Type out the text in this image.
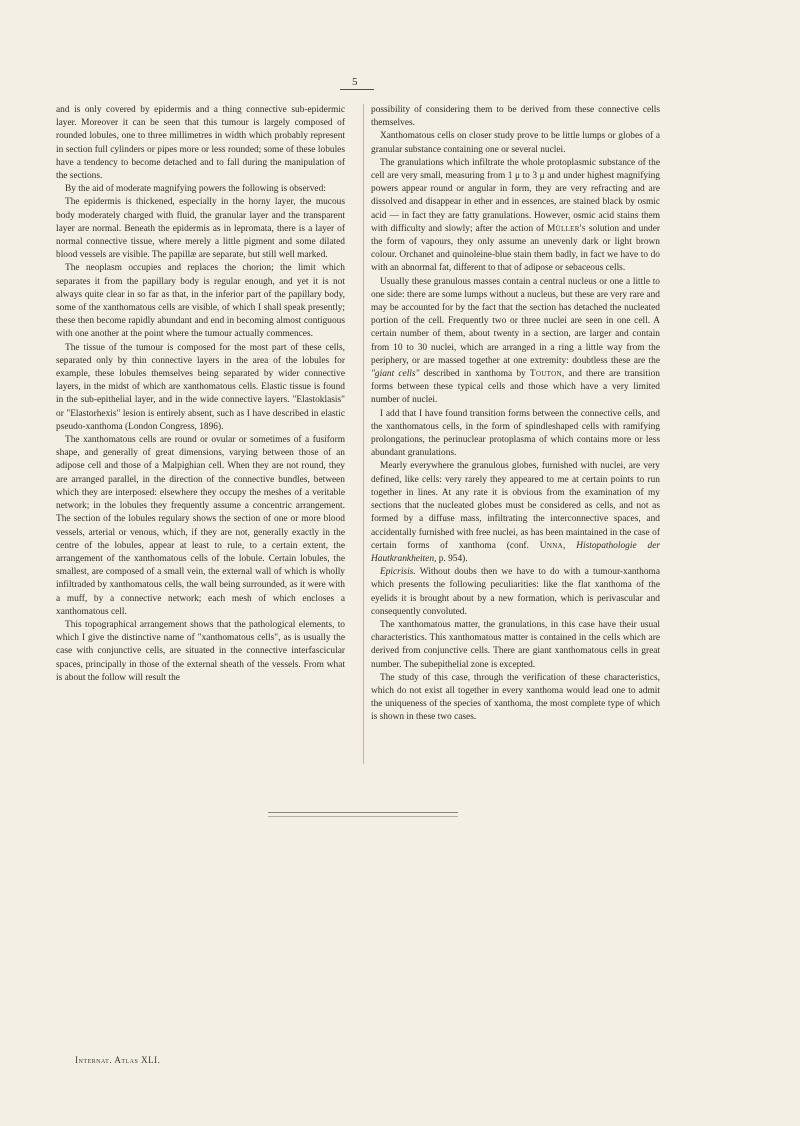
5

and is only covered by epidermis and a thing connective sub-epidermic layer. Moreover it can be seen that this tumour is largely composed of rounded lobules, one to three millimetres in width which probably represent in section full cylinders or pipes more or less rounded; some of these lobules have a tendency to become detached and to fall during the manipulation of the sections.

By the aid of moderate magnifying powers the following is observed:

The epidermis is thickened, especially in the horny layer, the mucous body moderately charged with fluid, the granular layer and the transparent layer are normal. Beneath the epidermis as in lepromata, there is a layer of normal connective tissue, where merely a little pigment and some dilated blood vessels are visible. The papillæ are separate, but still well marked.

The neoplasm occupies and replaces the chorion; the limit which separates it from the papillary body is regular enough, and yet it is not always quite clear in so far as that, in the inferior part of the papillary body, some of the xanthomatous cells are visible, of which I shall speak presently; these then become rapidly abundant and end in becoming almost contiguous with one another at the point where the tumour actually commences.

The tissue of the tumour is composed for the most part of these cells, separated only by thin connective layers in the area of the lobules for example, these lobules themselves being separated by wider connective layers, in the midst of which are xanthomatous cells. Elastic tissue is found in the sub-epithelial layer, and in the wide connective layers. "Elastoklasis" or "Elastorhexis" lesion is entirely absent, such as I have described in elastic pseudo-xanthoma (London Congress, 1896).

The xanthomatous cells are round or ovular or sometimes of a fusiform shape, and generally of great dimensions, varying between those of an adipose cell and those of a Malpighian cell. When they are not round, they are arranged parallel, in the direction of the connective bundles, between which they are interposed: elsewhere they occupy the meshes of a veritable network; in the lobules they frequently assume a concentric arrangement. The section of the lobules regulary shows the section of one or more blood vessels, arterial or venous, which, if they are not, generally exactly in the centre of the lobules, appear at least to rule, to a certain extent, the arrangement of the xanthomatous cells of the lobule. Certain lobules, the smallest, are composed of a small vein, the external wall of which is wholly infiltraded by xanthomatous cells, the wall being surrounded, as it were with a muff, by a connective network; each mesh of which encloses a xanthomatous cell.

This topographical arrangement shows that the pathological elements, to which I give the distinctive name of "xanthomatous cells", as is usually the case with conjunctive cells, are situated in the connective interfascicular spaces, principally in those of the external sheath of the vessels. From what is about the follow will result the

possibility of considering them to be derived from these connective cells themselves.

Xanthomatous cells on closer study prove to be little lumps or globes of a granular substance containing one or several nuclei.

The granulations which infiltrate the whole protoplasmic substance of the cell are very small, measuring from 1 μ to 3 μ and under highest magnifying powers appear round or angular in form, they are very refracting and are dissolved and disappear in ether and in essences, are stained black by osmic acid — in fact they are fatty granulations. However, osmic acid stains them with difficulty and slowly; after the action of Müller's solution and under the form of vapours, they only assume an unevenly dark or light brown colour. Orchanet and quinoleine-blue stain them badly, in fact we have to do with an abnormal fat, different to that of adipose or sebaceous cells.

Usually these granulous masses contain a central nucleus or one a little to one side: there are some lumps without a nucleus, but these are very rare and may be accounted for by the fact that the section has detached the nucleated portion of the cell. Frequently two or three nuclei are seen in one cell. A certain number of them, about twenty in a section, are larger and contain from 10 to 30 nuclei, which are arranged in a ring a little way from the periphery, or are massed together at one extremity: doubtless these are the "giant cells" described in xanthoma by Touton, and there are transition forms between these typical cells and those which have a very limited number of nuclei.

I add that I have found transition forms between the connective cells, and the xanthomatous cells, in the form of spindleshaped cells with ramifying prolongations, the perinuclear protoplasma of which contains more or less abundant granulations.

Mearly everywhere the granulous globes, furnished with nuclei, are very defined, like cells: very rarely they appeared to me at certain points to run together in lines. At any rate it is obvious from the examination of my sections that the nucleated globes must be considered as cells, and not as formed by a diffuse mass, infiltrating the interconnective spaces, and accidentally furnished with free nuclei, as has been maintained in the case of certain forms of xanthoma (conf. Unna, Histopathologie der Hautkrankheiten, p. 954).

Epicrisis. Without doubs then we have to do with a tumour-xanthoma which presents the following peculiarities: like the flat xanthoma of the eyelids it is brought about by a new formation, which is perivascular and consequently convoluted.

The xanthomatous matter, the granulations, in this case have their usual characteristics. This xanthomatous matter is contained in the cells which are derived from conjunctive cells. There are giant xanthomatous cells in great number. The subepithelial zone is excepted.

The study of this case, through the verification of these characteristics, which do not exist all together in every xanthoma would lead one to admit the uniqueness of the species of xanthoma, the most complete type of which is shown in these two cases.

Internat. Atlas XLI.
